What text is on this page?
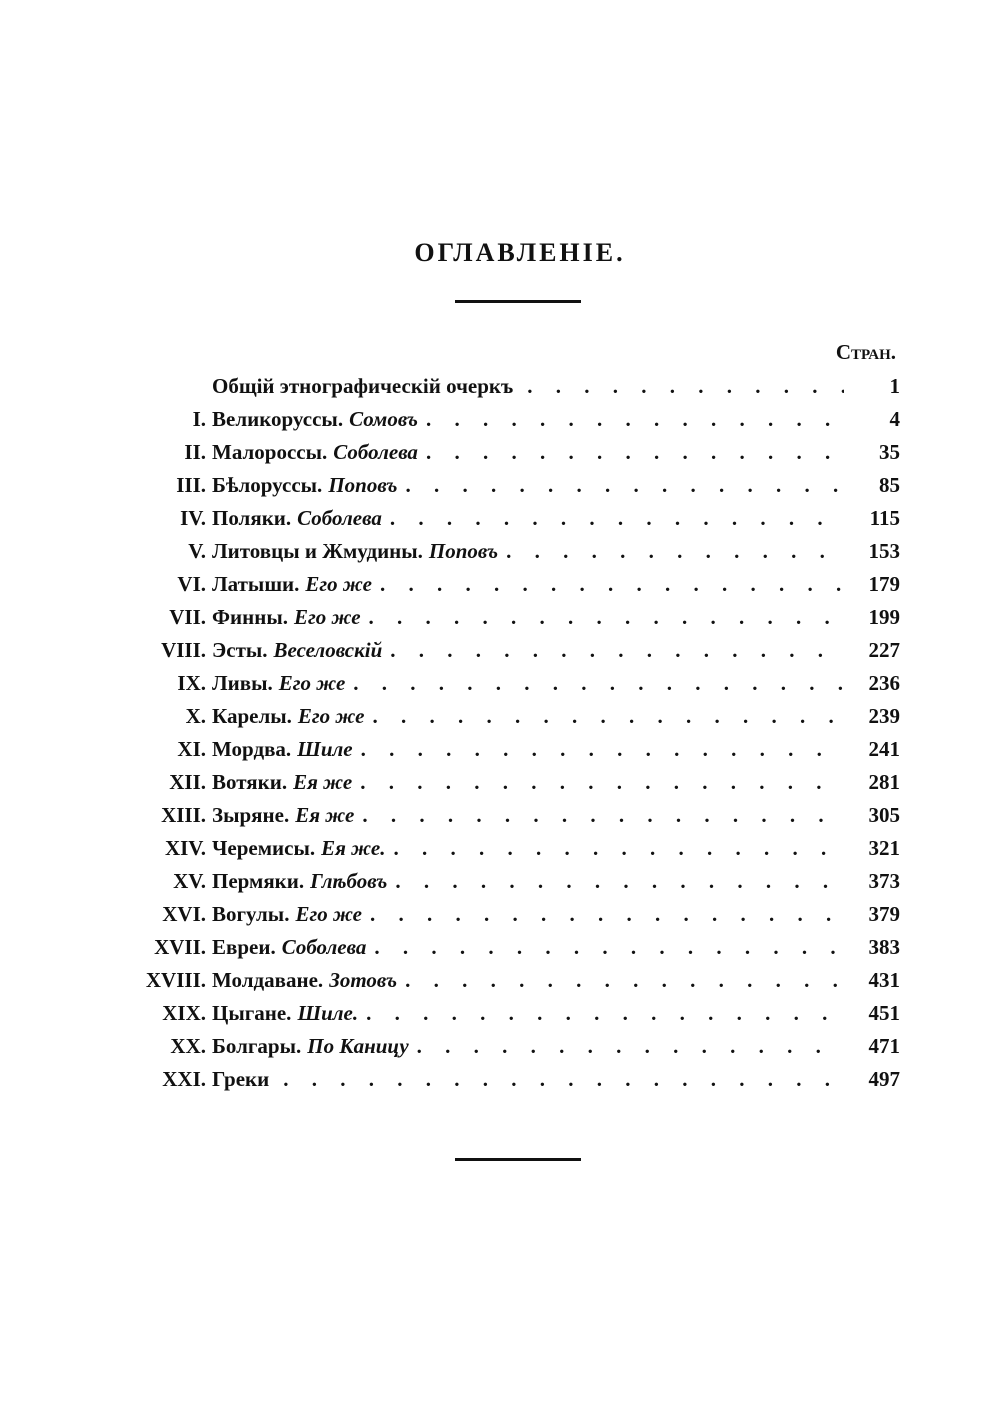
ОГЛАВЛЕНIЕ.
Стран.
Общiй этнографическiй очеркъ . . .	1
I. Великоруссы. Сомовъ . . .	4
II. Малороссы. Соболева . . .	35
III. Бѣлоруссы. Поповъ . . .	85
IV. Поляки. Соболева . . .	115
V. Литовцы и Жмудины. Поповъ . . .	153
VI. Латыши. Его же . . .	179
VII. Финны. Его же . . .	199
VIII. Эсты. Веселовскiй . . .	227
IX. Ливы. Его же . . .	236
X. Карелы. Его же . . .	239
XI. Мордва. Шиле . . .	241
XII. Вотяки. Ея же . . .	281
XIII. Зыряне. Ея же . . .	305
XIV. Черемисы. Ея же. . . .	321
XV. Пермяки. Глѣбовъ . . .	373
XVI. Вогулы. Его же . . .	379
XVII. Евреи. Соболева . . .	383
XVIII. Молдаване. Зотовъ . . .	431
XIX. Цыгане. Шиле. . . .	451
XX. Болгары. По Каницу . . .	471
XXI. Греки . . .	497
